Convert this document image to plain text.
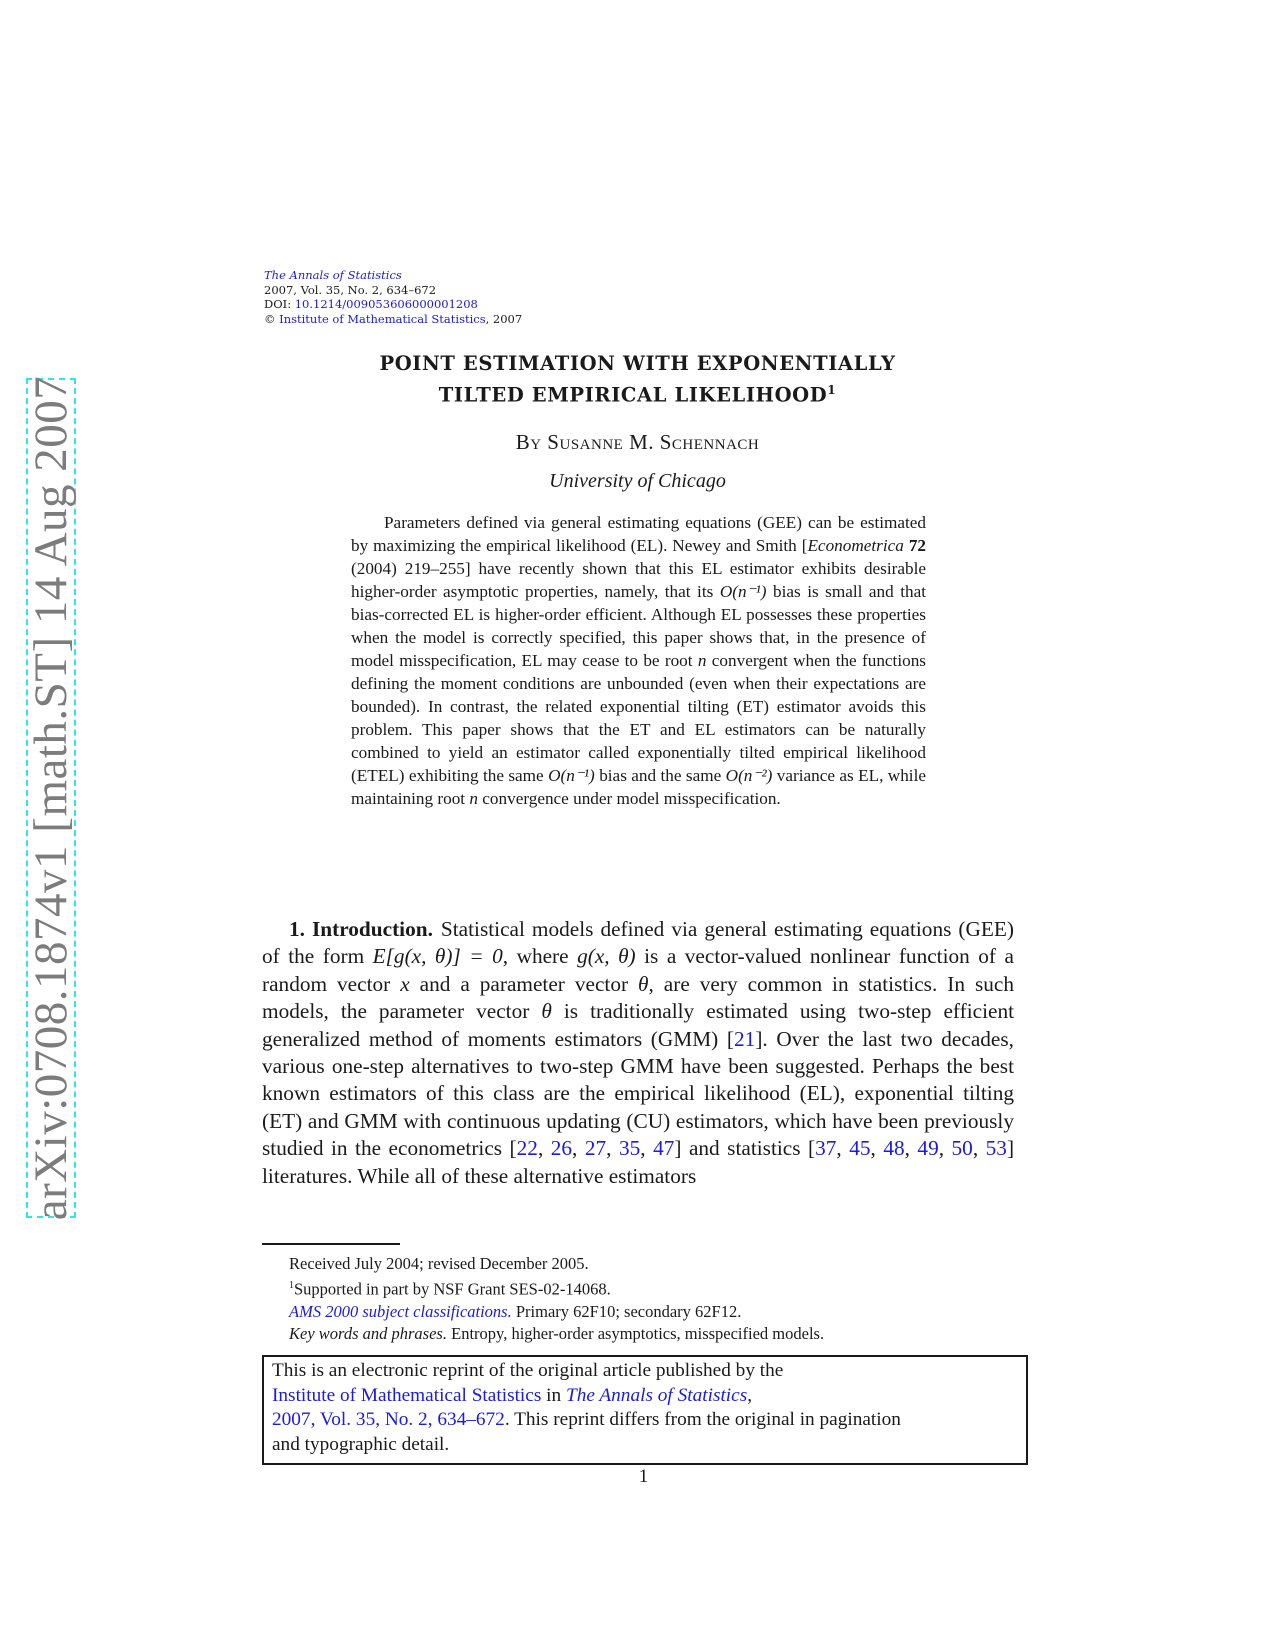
arXiv:0708.1874v1 [math.ST] 14 Aug 2007
The Annals of Statistics
2007, Vol. 35, No. 2, 634–672
DOI: 10.1214/009053606000001208
© Institute of Mathematical Statistics, 2007
POINT ESTIMATION WITH EXPONENTIALLY
TILTED EMPIRICAL LIKELIHOOD$^1$
By Susanne M. Schennach
University of Chicago
Parameters defined via general estimating equations (GEE) can be estimated by maximizing the empirical likelihood (EL). Newey and Smith [Econometrica 72 (2004) 219–255] have recently shown that this EL estimator exhibits desirable higher-order asymptotic properties, namely, that its O(n⁻¹) bias is small and that bias-corrected EL is higher-order efficient. Although EL possesses these properties when the model is correctly specified, this paper shows that, in the presence of model misspecification, EL may cease to be root n convergent when the functions defining the moment conditions are unbounded (even when their expectations are bounded). In contrast, the related exponential tilting (ET) estimator avoids this problem. This paper shows that the ET and EL estimators can be naturally combined to yield an estimator called exponentially tilted empirical likelihood (ETEL) exhibiting the same O(n⁻¹) bias and the same O(n⁻²) variance as EL, while maintaining root n convergence under model misspecification.
1. Introduction. Statistical models defined via general estimating equations (GEE) of the form E[g(x, θ)] = 0, where g(x, θ) is a vector-valued nonlinear function of a random vector x and a parameter vector θ, are very common in statistics. In such models, the parameter vector θ is traditionally estimated using two-step efficient generalized method of moments estimators (GMM) [21]. Over the last two decades, various one-step alternatives to two-step GMM have been suggested. Perhaps the best known estimators of this class are the empirical likelihood (EL), exponential tilting (ET) and GMM with continuous updating (CU) estimators, which have been previously studied in the econometrics [22, 26, 27, 35, 47] and statistics [37, 45, 48, 49, 50, 53] literatures. While all of these alternative estimators
Received July 2004; revised December 2005.
$^1$Supported in part by NSF Grant SES-02-14068.
AMS 2000 subject classifications. Primary 62F10; secondary 62F12.
Key words and phrases. Entropy, higher-order asymptotics, misspecified models.
This is an electronic reprint of the original article published by the
Institute of Mathematical Statistics in The Annals of Statistics,
2007, Vol. 35, No. 2, 634–672. This reprint differs from the original in pagination
and typographic detail.
1
